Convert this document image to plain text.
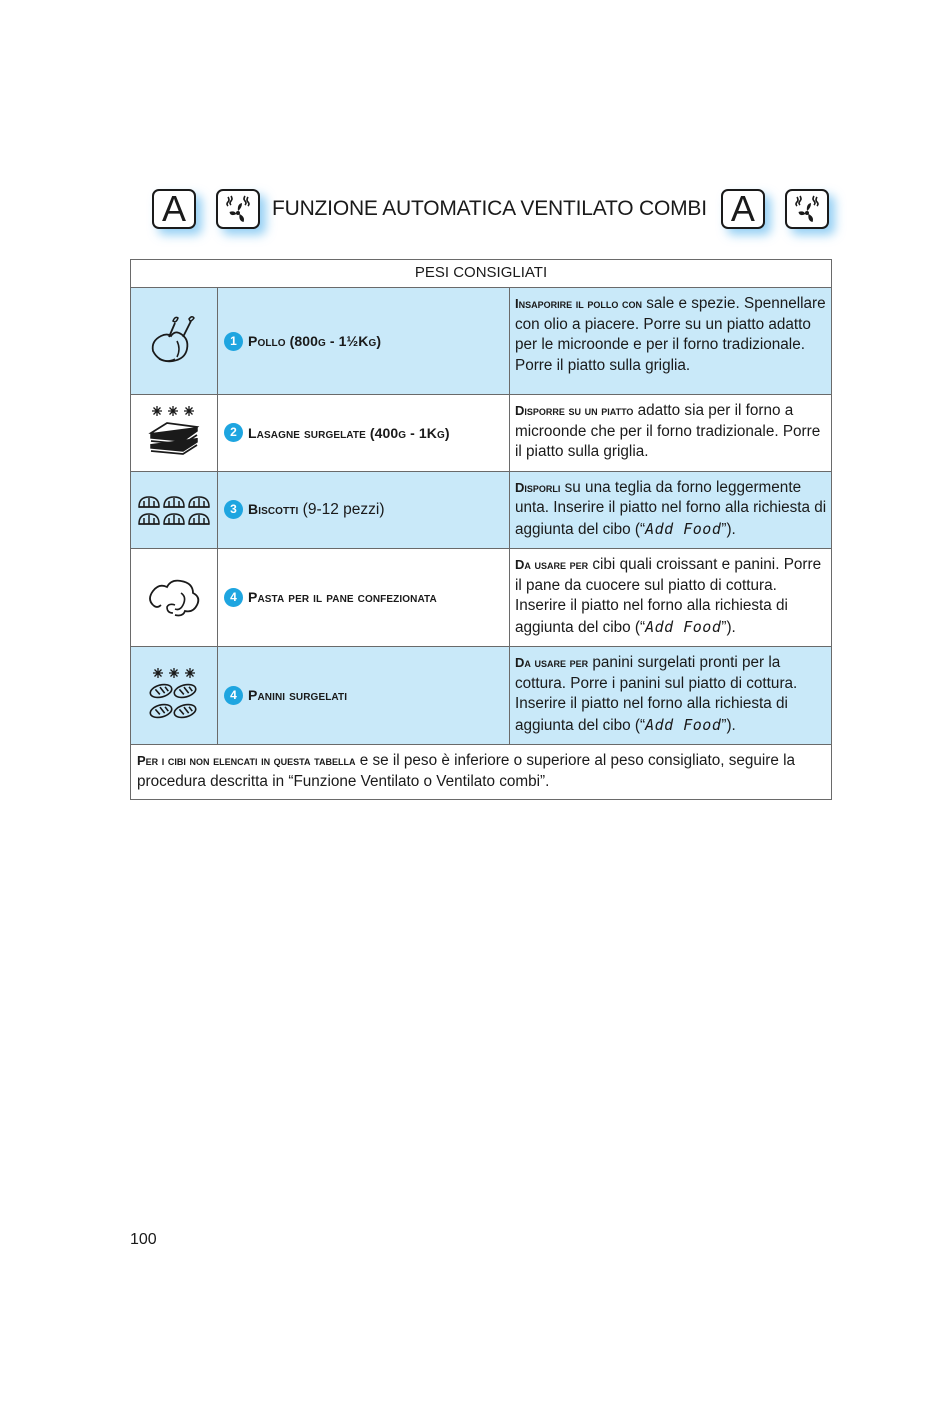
A	FUNZIONE AUTOMATICA VENTILATO COMBI A
PESI CONSIGLIATI		

1 Pollo (800g - 1½Kg)	Insaporire il pollo con sale e spezie. Spennellare con olio a piacere. Porre su un piatto adatto per le microonde e per il forno tradizionale. Porre il piatto sulla griglia.

2 Lasagne surgelate (400g - 1Kg)	Disporre su un piatto adatto sia per il forno a microonde che per il forno tradizionale. Porre il piatto sulla griglia.

3 Biscotti (9-12 pezzi)	Disporli su una teglia da forno leggermente unta. Inserire il piatto nel forno alla richiesta di aggiunta del cibo (“Add Food”).

4 Pasta per il pane confezionata	Da usare per cibi quali croissant e panini. Porre il pane da cuocere sul piatto di cottura. Inserire il piatto nel forno alla richiesta di aggiunta del cibo (“Add Food”).

4 Panini surgelati	Da usare per panini surgelati pronti per la cottura. Porre i panini sul piatto di cottura. Inserire il piatto nel forno alla richiesta di aggiunta del cibo (“Add Food”).
Per i cibi non elencati in questa tabella e se il peso è inferiore o superiore al peso consigliato, seguire la procedura descritta in “Funzione Ventilato o Ventilato combi”.		
100
